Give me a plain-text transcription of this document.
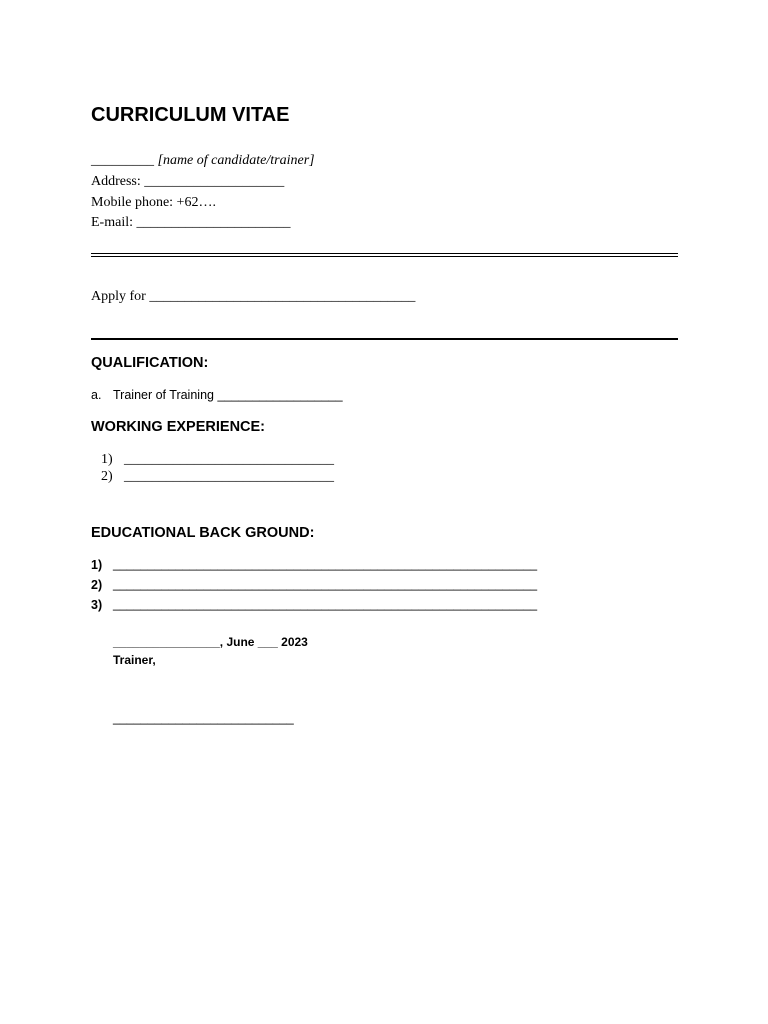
CURRICULUM VITAE
_________ [name of candidate/trainer]
Address: ____________________
Mobile phone: +62….
E-mail: ______________________
Apply for ______________________________________
QUALIFICATION:
a. Trainer of Training __________________
WORKING EXPERIENCE:
1) ______________________________
2) ______________________________
EDUCATIONAL BACK GROUND:
1) _____________________________________________________________
2) _____________________________________________________________
3) _____________________________________________________________
________________, June ___ 2023
Trainer,
__________________________
